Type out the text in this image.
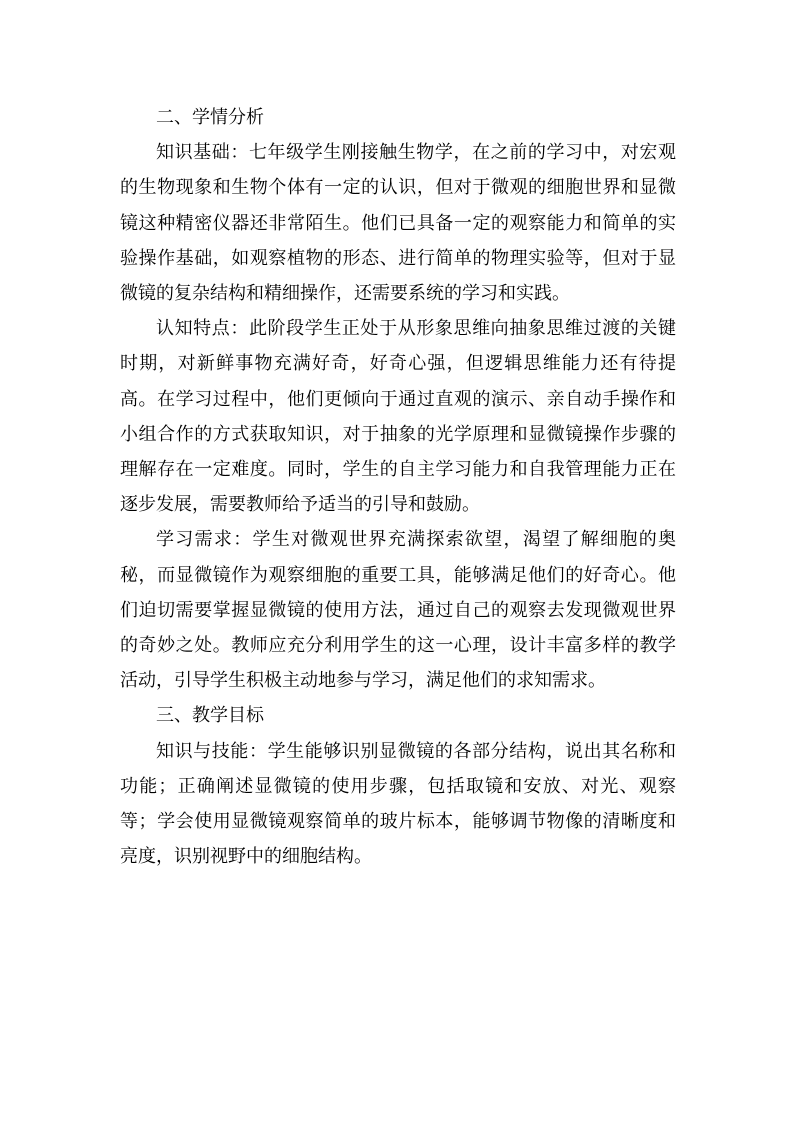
二、学情分析

知识基础：七年级学生刚接触生物学，在之前的学习中，对宏观的生物现象和生物个体有一定的认识，但对于微观的细胞世界和显微镜这种精密仪器还非常陌生。他们已具备一定的观察能力和简单的实验操作基础，如观察植物的形态、进行简单的物理实验等，但对于显微镜的复杂结构和精细操作，还需要系统的学习和实践。

认知特点：此阶段学生正处于从形象思维向抽象思维过渡的关键时期，对新鲜事物充满好奇，好奇心强，但逻辑思维能力还有待提高。在学习过程中，他们更倾向于通过直观的演示、亲自动手操作和小组合作的方式获取知识，对于抽象的光学原理和显微镜操作步骤的理解存在一定难度。同时，学生的自主学习能力和自我管理能力正在逐步发展，需要教师给予适当的引导和鼓励。

学习需求：学生对微观世界充满探索欲望，渴望了解细胞的奥秘，而显微镜作为观察细胞的重要工具，能够满足他们的好奇心。他们迫切需要掌握显微镜的使用方法，通过自己的观察去发现微观世界的奇妙之处。教师应充分利用学生的这一心理，设计丰富多样的教学活动，引导学生积极主动地参与学习，满足他们的求知需求。

三、教学目标

知识与技能：学生能够识别显微镜的各部分结构，说出其名称和功能；正确阐述显微镜的使用步骤，包括取镜和安放、对光、观察等；学会使用显微镜观察简单的玻片标本，能够调节物像的清晰度和亮度，识别视野中的细胞结构。
